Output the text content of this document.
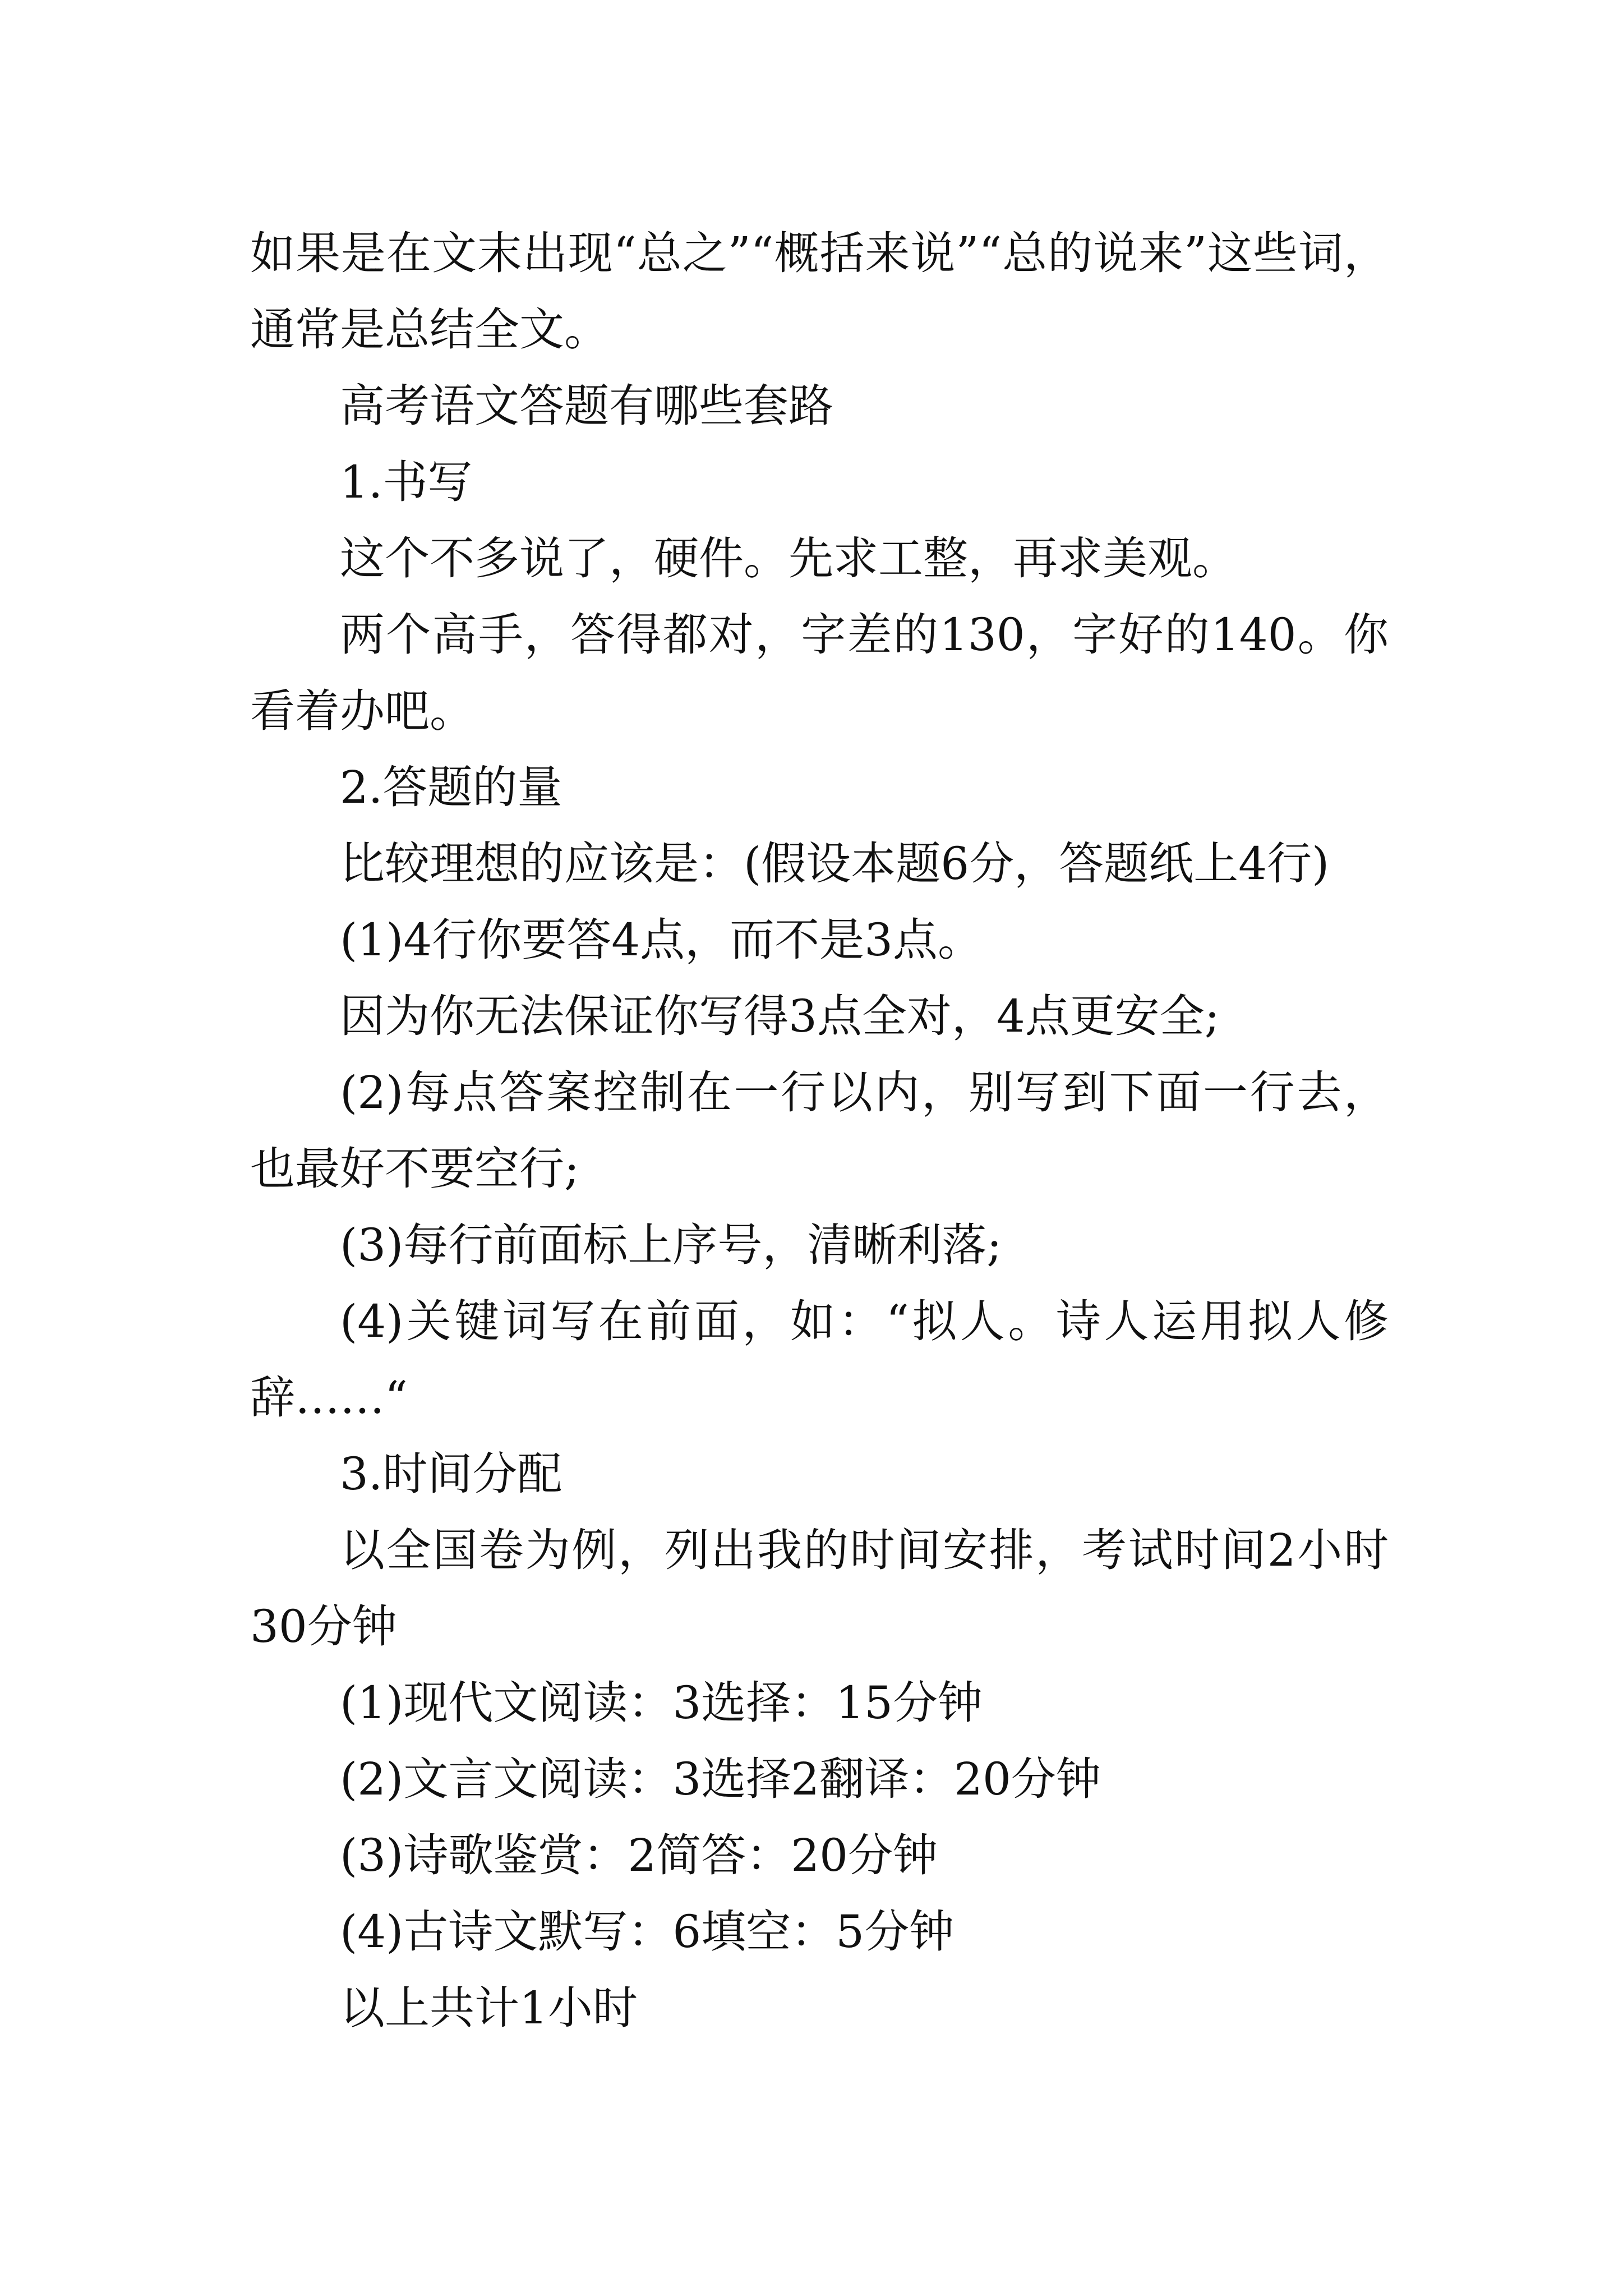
如果是在文末出现“总之”“概括来说”“总的说来”这些词，通常是总结全文。

高考语文答题有哪些套路

1.书写

这个不多说了，硬件。先求工整，再求美观。

两个高手，答得都对，字差的130，字好的140。你看着办吧。

2.答题的量

比较理想的应该是：(假设本题6分，答题纸上4行)

(1)4行你要答4点，而不是3点。

因为你无法保证你写得3点全对，4点更安全;

(2)每点答案控制在一行以内，别写到下面一行去，也最好不要空行;

(3)每行前面标上序号，清晰利落;

(4)关键词写在前面，如：“拟人。诗人运用拟人修辞……“

3.时间分配

以全国卷为例，列出我的时间安排，考试时间2小时30分钟

(1)现代文阅读：3选择：15分钟

(2)文言文阅读：3选择2翻译：20分钟

(3)诗歌鉴赏：2简答：20分钟

(4)古诗文默写：6填空：5分钟

以上共计1小时
